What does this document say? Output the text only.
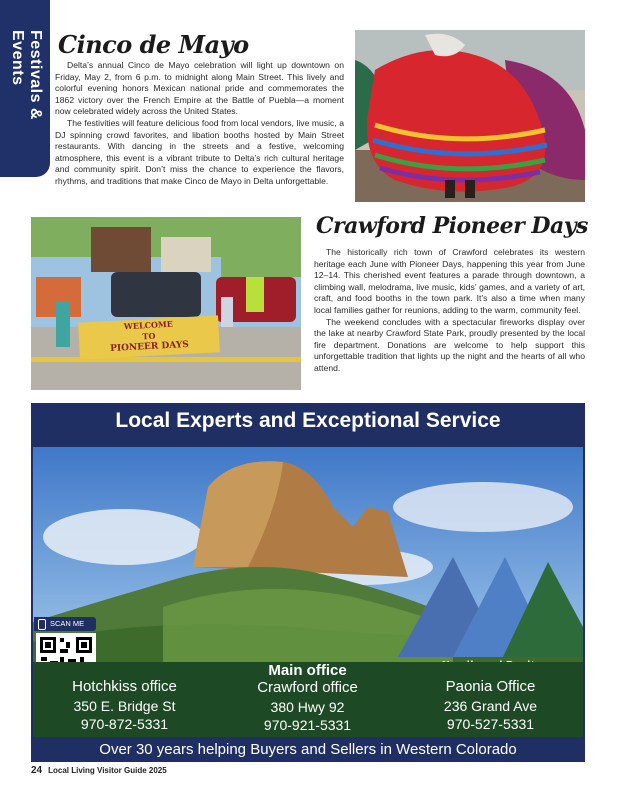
Festivals & Events	Cinco de Mayo

Delta’s annual Cinco de Mayo celebration will light up downtown on Friday, May 2, from 6 p.m. to midnight along Main Street. This lively and colorful evening honors Mexican national pride and commemorates the 1862 victory over the French Empire at the Battle of Puebla—a moment now celebrated widely across the United States.

The festivities will feature delicious food from local vendors, live music, a DJ spinning crowd favorites, and libation booths hosted by Main Street restaurants. With dancing in the streets and a festive, welcoming atmosphere, this event is a vibrant tribute to Delta’s rich cultural heritage and community spirit. Don’t miss the chance to experience the flavors, rhythms, and traditions that make Cinco de Mayo in Delta unforgettable.

WELCOME
TO
PIONEER DAYS
Crawford Pioneer Days

The historically rich town of Crawford celebrates its western heritage each June with Pioneer Days, happening this year from June 12–14. This cherished event features a parade through downtown, a climbing wall, melodrama, live music, kids’ games, and a variety of art, craft, and food booths in the town park. It’s also a time when many local families gather for reunions, adding to the warm, community feel.

The weekend concludes with a spectacular fireworks display over the lake at nearby Crawford State Park, proudly presented by the local fire department. Donations are welcome to help support this unforgettable tradition that lights up the night and the hearts of all who attend.

Local Experts and Exceptional Service
SCAN ME
Hotchkiss office
350 E. Bridge St
970-872-5331
Main office
Crawford office
380 Hwy 92
970-921-5331
Paonia Office
236 Grand Ave
970-527-5331
Over 30 years helping Buyers and Sellers in Western Colorado
24 Local Living Visitor Guide 2025
